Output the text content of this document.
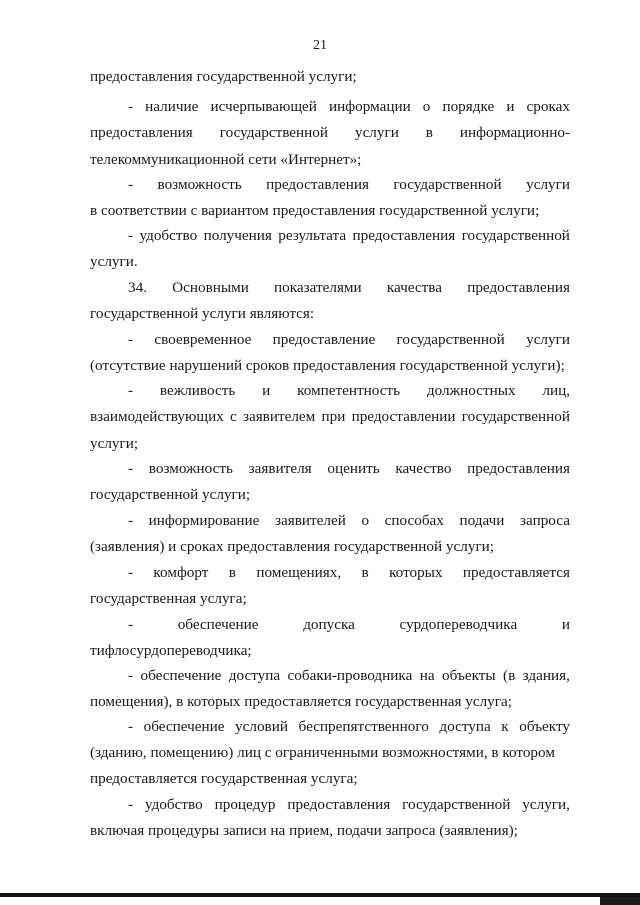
21
предоставления государственной услуги;
- наличие исчерпывающей информации о порядке и сроках
предоставления государственной услуги в информационно-
телекоммуникационной сети «Интернет»;
- возможность предоставления государственной услуги
в соответствии с вариантом предоставления государственной услуги;
- удобство получения результата предоставления государственной
услуги.
34. Основными показателями качества предоставления
государственной услуги являются:
- своевременное предоставление государственной услуги
(отсутствие нарушений сроков предоставления государственной услуги);
- вежливость и компетентность должностных лиц,
взаимодействующих с заявителем при предоставлении государственной
услуги;
- возможность заявителя оценить качество предоставления
государственной услуги;
- информирование заявителей о способах подачи запроса
(заявления) и сроках предоставления государственной услуги;
- комфорт в помещениях, в которых предоставляется
государственная услуга;
-	обеспечение	допуска	сурдопереводчика	и
тифлосурдопереводчика;
- обеспечение доступа собаки-проводника на объекты (в здания,
помещения), в которых предоставляется государственная услуга;
- обеспечение условий беспрепятственного доступа к объекту
(зданию, помещению) лиц с ограниченными возможностями, в котором
предоставляется государственная услуга;
- удобство процедур предоставления государственной услуги,
включая процедуры записи на прием, подачи запроса (заявления);
